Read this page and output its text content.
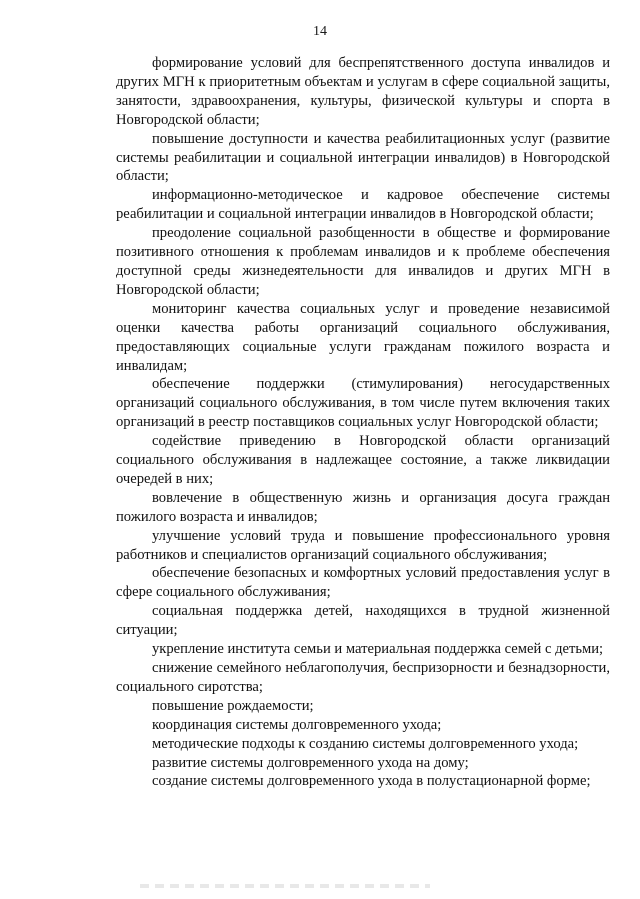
14

формирование условий для беспрепятственного доступа инвалидов и других МГН к приоритетным объектам и услугам в сфере социальной защиты, занятости, здравоохранения, культуры, физической культуры и спорта в Новгородской области;

повышение доступности и качества реабилитационных услуг (развитие системы реабилитации и социальной интеграции инвалидов) в Новгородской области;

информационно-методическое и кадровое обеспечение системы реабилитации и социальной интеграции инвалидов в Новгородской области;

преодоление социальной разобщенности в обществе и формирование позитивного отношения к проблемам инвалидов и к проблеме обеспечения доступной среды жизнедеятельности для инвалидов и других МГН в Новгородской области;

мониторинг качества социальных услуг и проведение независимой оценки качества работы организаций социального обслуживания, предоставляющих социальные услуги гражданам пожилого возраста и инвалидам;

обеспечение поддержки (стимулирования) негосударственных организаций социального обслуживания, в том числе путем включения таких организаций в реестр поставщиков социальных услуг Новгородской области;

содействие приведению в Новгородской области организаций социального обслуживания в надлежащее состояние, а также ликвидации очередей в них;

вовлечение в общественную жизнь и организация досуга граждан пожилого возраста и инвалидов;

улучшение условий труда и повышение профессионального уровня работников и специалистов организаций социального обслуживания;

обеспечение безопасных и комфортных условий предоставления услуг в сфере социального обслуживания;

социальная поддержка детей, находящихся в трудной жизненной ситуации;

укрепление института семьи и материальная поддержка семей с детьми;

снижение семейного неблагополучия, беспризорности и безнадзорности, социального сиротства;

повышение рождаемости;

координация системы долговременного ухода;

методические подходы к созданию системы долговременного ухода;

развитие системы долговременного ухода на дому;

создание системы долговременного ухода в полустационарной форме;
